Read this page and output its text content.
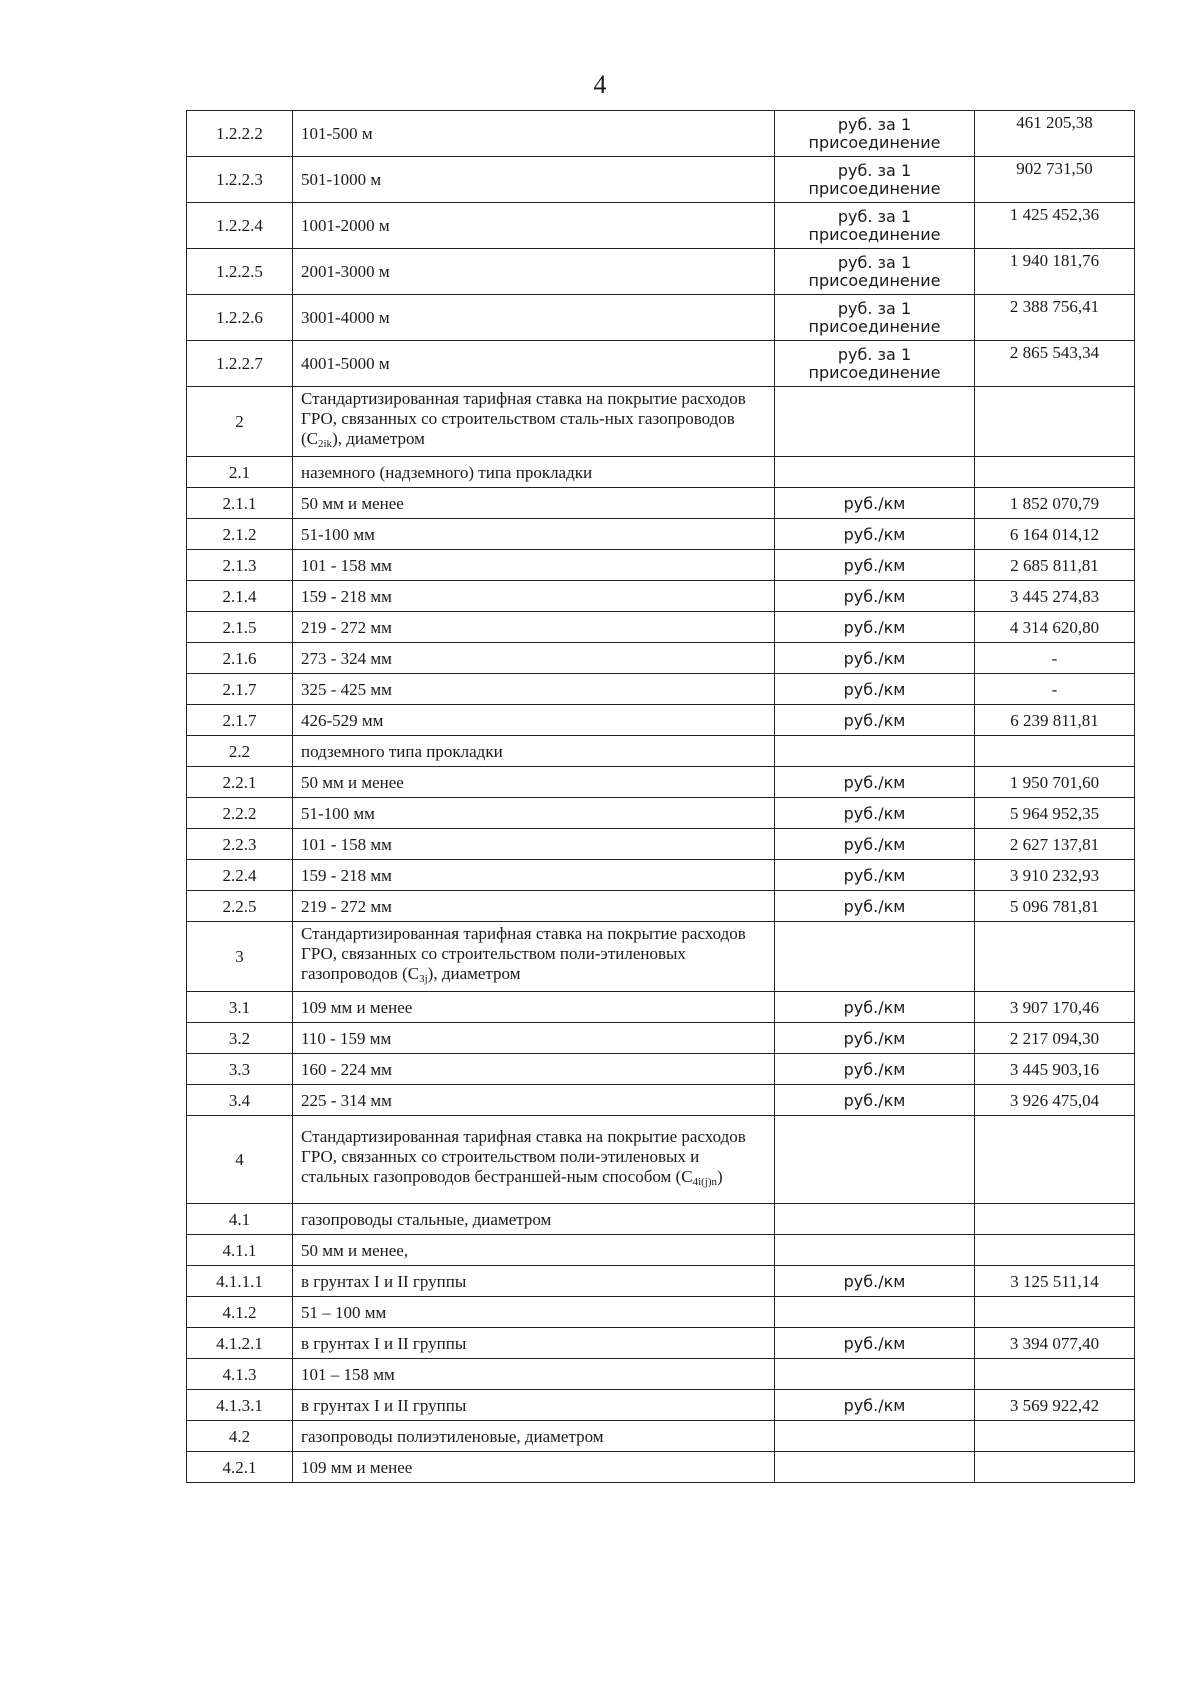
4
1.2.2.2	101-500 м	руб. за 1 присоединение	461 205,38
1.2.2.3	501-1000 м	руб. за 1 присоединение	902 731,50
1.2.2.4	1001-2000 м	руб. за 1 присоединение	1 425 452,36
1.2.2.5	2001-3000 м	руб. за 1 присоединение	1 940 181,76
1.2.2.6	3001-4000 м	руб. за 1 присоединение	2 388 756,41
1.2.2.7	4001-5000 м	руб. за 1 присоединение	2 865 543,34
2	Стандартизированная тарифная ставка на покрытие расходов ГРО, связанных со строительством сталь-ных газопроводов $(C_{2ik})$, диаметром		
2.1	наземного (надземного) типа прокладки		
2.1.1	50 мм и менее	руб./км	1 852 070,79
2.1.2	51-100 мм	руб./км	6 164 014,12
2.1.3	101 - 158 мм	руб./км	2 685 811,81
2.1.4	159 - 218 мм	руб./км	3 445 274,83
2.1.5	219 - 272 мм	руб./км	4 314 620,80
2.1.6	273 - 324 мм	руб./км	-
2.1.7	325 - 425 мм	руб./км	-
2.1.7	426-529 мм	руб./км	6 239 811,81
2.2	подземного типа прокладки		
2.2.1	50 мм и менее	руб./км	1 950 701,60
2.2.2	51-100 мм	руб./км	5 964 952,35
2.2.3	101 - 158 мм	руб./км	2 627 137,81
2.2.4	159 - 218 мм	руб./км	3 910 232,93
2.2.5	219 - 272 мм	руб./км	5 096 781,81
3	Стандартизированная тарифная ставка на покрытие расходов ГРО, связанных со строительством поли-этиленовых газопроводов $(C_{3j})$, диаметром		
3.1	109 мм и менее	руб./км	3 907 170,46
3.2	110 - 159 мм	руб./км	2 217 094,30
3.3	160 - 224 мм	руб./км	3 445 903,16
3.4	225 - 314 мм	руб./км	3 926 475,04
4	Стандартизированная тарифная ставка на покрытие расходов ГРО, связанных со строительством поли-этиленовых и стальных газопроводов бестраншей-ным способом $(C_{4i(j)n})$		
4.1	газопроводы стальные, диаметром		
4.1.1	50 мм и менее,		
4.1.1.1	в грунтах I и II группы	руб./км	3 125 511,14
4.1.2	51 – 100 мм		
4.1.2.1	в грунтах I и II группы	руб./км	3 394 077,40
4.1.3	101 – 158 мм		
4.1.3.1	в грунтах I и II группы	руб./км	3 569 922,42
4.2	газопроводы полиэтиленовые, диаметром		
4.2.1	109 мм и менее		
